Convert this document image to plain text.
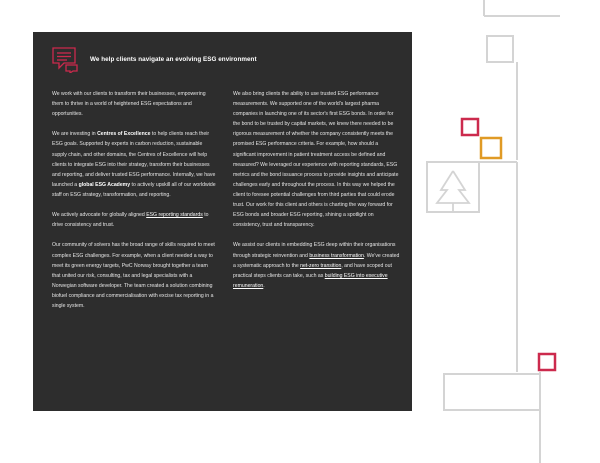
We help clients navigate an evolving ESG environment

We work with our clients to transform their businesses, empowering them to thrive in a world of heightened ESG expectations and opportunities.

We are investing in Centres of Excellence to help clients reach their ESG goals. Supported by experts in carbon reduction, sustainable supply chain, and other domains, the Centres of Excellence will help clients to integrate ESG into their strategy, transform their businesses and reporting, and deliver trusted ESG performance. Internally, we have launched a global ESG Academy to actively upskill all of our worldwide staff on ESG strategy, transformation, and reporting.

We actively advocate for globally aligned ESG reporting standards to drive consistency and trust.

Our community of solvers has the broad range of skills required to meet complex ESG challenges. For example, when a client needed a way to meet its green energy targets, PwC Norway brought together a team that united our risk, consulting, tax and legal specialists with a Norwegian software developer. The team created a solution combining biofuel compliance and commercialisation with excise tax reporting in a single system.

We also bring clients the ability to use trusted ESG performance measurements. We supported one of the world's largest pharma companies in launching one of its sector's first ESG bonds. In order for the bond to be trusted by capital markets, we knew there needed to be rigorous measurement of whether the company consistently meets the promised ESG performance criteria. For example, how should a significant improvement in patient treatment access be defined and measured? We leveraged our experience with reporting standards, ESG metrics and the bond issuance process to provide insights and anticipate challenges early and throughout the process. In this way we helped the client to foresee potential challenges from third parties that could erode trust. Our work for this client and others is charting the way forward for ESG bonds and broader ESG reporting, shining a spotlight on consistency, trust and transparency.

We assist our clients in embedding ESG deep within their organisations through strategic reinvention and business transformation. We've created a systematic approach to the net-zero transition, and have scoped out practical steps clients can take, such as building ESG into executive remuneration.
